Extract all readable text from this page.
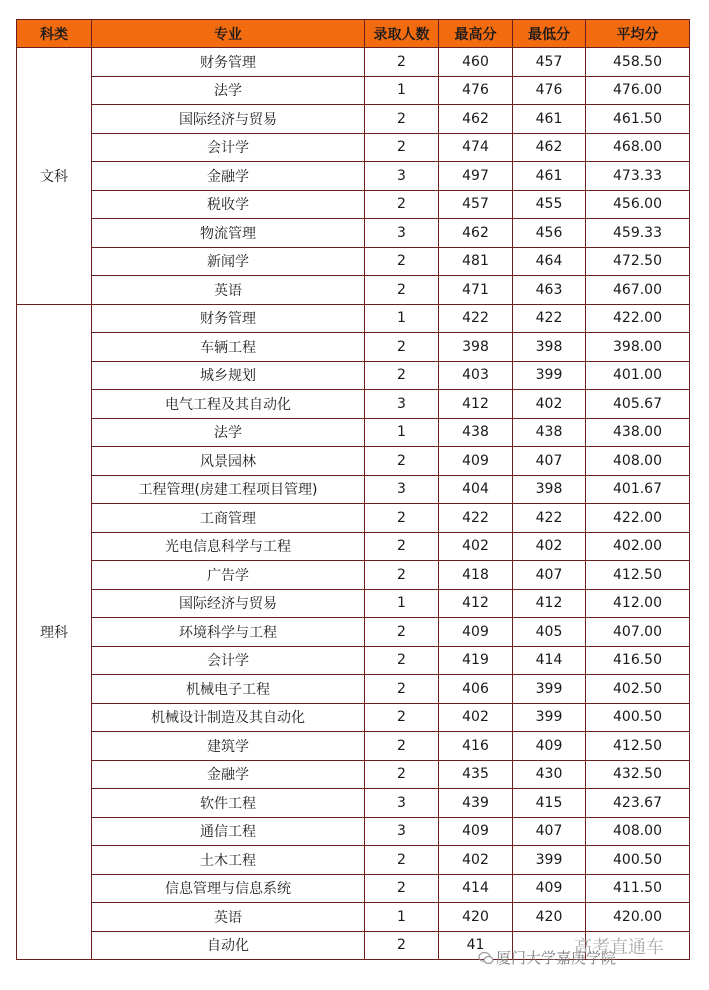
科类	专业	录取人数	最高分	最低分	平均分
文科	财务管理	2	460	457	458.50
	法学	1	476	476	476.00
	国际经济与贸易	2	462	461	461.50
	会计学	2	474	462	468.00
	金融学	3	497	461	473.33
	税收学	2	457	455	456.00
	物流管理	3	462	456	459.33
	新闻学	2	481	464	472.50
	英语	2	471	463	467.00
理科	财务管理	1	422	422	422.00
	车辆工程	2	398	398	398.00
	城乡规划	2	403	399	401.00
	电气工程及其自动化	3	412	402	405.67
	法学	1	438	438	438.00
	风景园林	2	409	407	408.00
	工程管理(房建工程项目管理)	3	404	398	401.67
	工商管理	2	422	422	422.00
	光电信息科学与工程	2	402	402	402.00
	广告学	2	418	407	412.50
	国际经济与贸易	1	412	412	412.00
	环境科学与工程	2	409	405	407.00
	会计学	2	419	414	416.50
	机械电子工程	2	406	399	402.50
	机械设计制造及其自动化	2	402	399	400.50
	建筑学	2	416	409	412.50
	金融学	2	435	430	432.50
	软件工程	3	439	415	423.67
	通信工程	3	409	407	408.00
	土木工程	2	402	399	400.50
	信息管理与信息系统	2	414	409	411.50
	英语	1	420	420	420.00
	自动化	2	41		
厦门大学嘉庚学院
高考直通车
